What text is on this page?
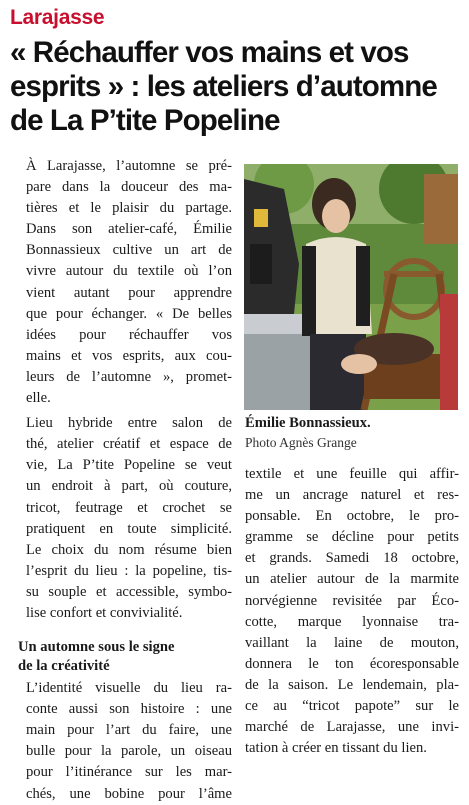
Larajasse
« Réchauffer vos mains et vos
esprits » : les ateliers d’automne
de La P’tite Popeline

À Larajasse, l’automne se pré-
pare dans la douceur des ma-
tières et le plaisir du partage.
Dans son atelier-café, Émilie
Bonnassieux cultive un art de
vivre autour du textile où l’on
vient autant pour apprendre
que pour échanger. « De belles
idées pour réchauffer vos
mains et vos esprits, aux cou-
leurs de l’automne », promet-
elle.

Lieu hybride entre salon de
thé, atelier créatif et espace de
vie, La P’tite Popeline se veut
un endroit à part, où couture,
tricot, feutrage et crochet se
pratiquent en toute simplicité.
Le choix du nom résume bien
l’esprit du lieu : la popeline, tis-
su souple et accessible, symbo-
lise confort et convivialité.

Un automne sous le signe
de la créativité

L’identité visuelle du lieu ra-
conte aussi son histoire : une
main pour l’art du faire, une
bulle pour la parole, un oiseau
pour l’itinérance sur les mar-
chés, une bobine pour l’âme

Émilie Bonnassieux.
Photo Agnès Grange

textile et une feuille qui affir-
me un ancrage naturel et res-
ponsable. En octobre, le pro-
gramme se décline pour petits
et grands. Samedi 18 octobre,
un atelier autour de la marmite
norvégienne revisitée par Éco-
cotte, marque lyonnaise tra-
vaillant la laine de mouton,
donnera le ton écoresponsable
de la saison. Le lendemain, pla-
ce au “tricot papote” sur le
marché de Larajasse, une invi-
tation à créer en tissant du lien.
